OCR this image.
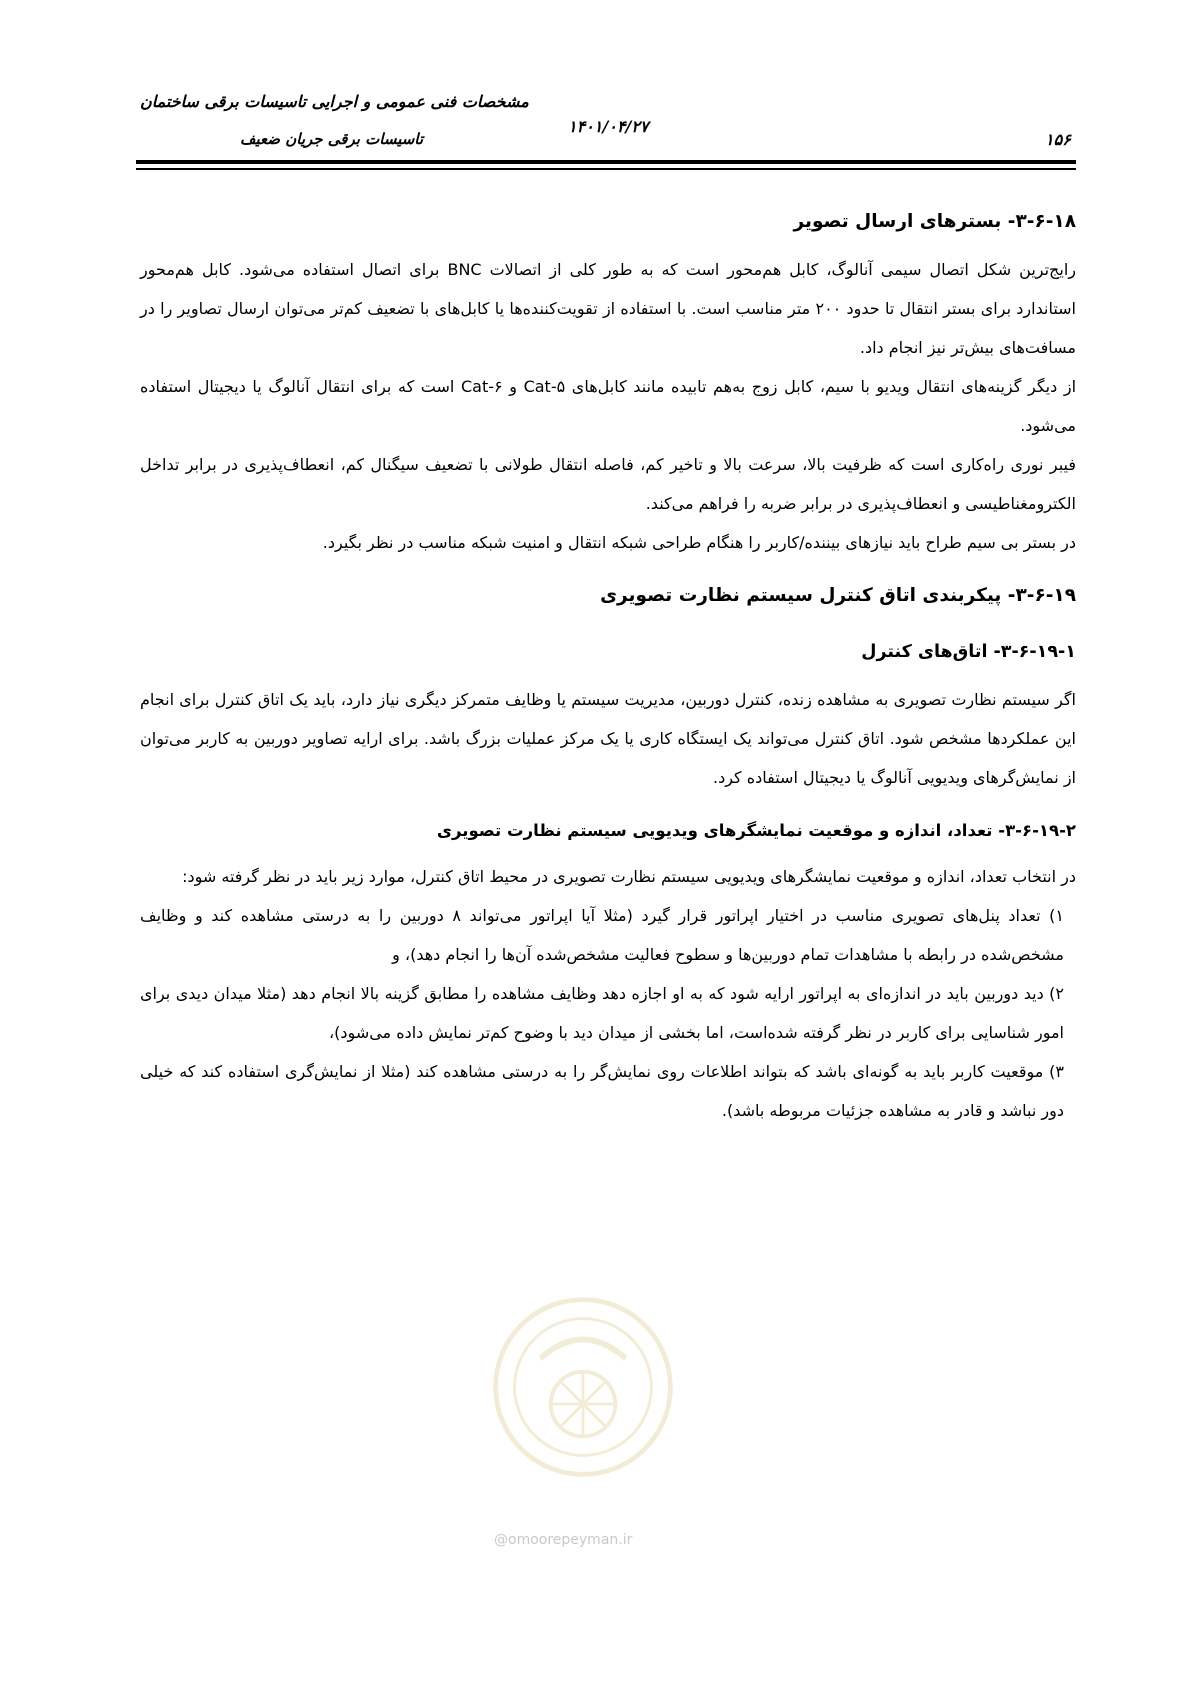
مشخصات فنی عمومی و اجرایی تاسیسات برقی ساختمان
تاسیسات برقی جریان ضعیف
۱۴۰۱/۰۴/۲۷
۱۵۶
۳-۶-۱۸- بسترهای ارسال تصویر

رایج‌ترین شکل اتصال سیمی آنالوگ، کابل هم‌محور است که به طور کلی از اتصالات BNC برای اتصال استفاده می‌شود. کابل هم‌محور استاندارد برای بستر انتقال تا حدود ۲۰۰ متر مناسب است. با استفاده از تقویت‌کننده‌ها یا کابل‌های با تضعیف کم‌تر می‌توان ارسال تصاویر را در مسافت‌های بیش‌تر نیز انجام داد.

از دیگر گزینه‌های انتقال ویدیو با سیم، کابل زوج به‌هم تابیده مانند کابل‌های Cat-۵ و Cat-۶ است که برای انتقال آنالوگ یا دیجیتال استفاده می‌شود.

فیبر نوری راه‌کاری است که ظرفیت بالا، سرعت بالا و تاخیر کم، فاصله انتقال طولانی با تضعیف سیگنال کم، انعطاف‌پذیری در برابر تداخل الکترومغناطیسی و انعطاف‌پذیری در برابر ضربه را فراهم می‌کند.

در بستر بی سیم طراح باید نیازهای بیننده/کاربر را هنگام طراحی شبکه انتقال و امنیت شبکه مناسب در نظر بگیرد.

۳-۶-۱۹- پیکربندی اتاق کنترل سیستم نظارت تصویری
۳-۶-۱۹-۱- اتاق‌های کنترل

اگر سیستم نظارت تصویری به مشاهده زنده، کنترل دوربین، مدیریت سیستم یا وظایف متمرکز دیگری نیاز دارد، باید یک اتاق کنترل برای انجام این عملکردها مشخص شود. اتاق کنترل می‌تواند یک ایستگاه کاری یا یک مرکز عملیات بزرگ باشد. برای ارایه تصاویر دوربین به کاربر می‌توان از نمایش‌گرهای ویدیویی آنالوگ یا دیجیتال استفاده کرد.

۳-۶-۱۹-۲- تعداد، اندازه و موقعیت نمایشگرهای ویدیویی سیستم نظارت تصویری

در انتخاب تعداد، اندازه و موقعیت نمایشگرهای ویدیویی سیستم نظارت تصویری در محیط اتاق کنترل، موارد زیر باید در نظر گرفته شود:

۱) تعداد پنل‌های تصویری مناسب در اختیار اپراتور قرار گیرد (مثلا آیا اپراتور می‌تواند ۸ دوربین را به درستی مشاهده کند و وظایف مشخص‌شده در رابطه با مشاهدات تمام دوربین‌ها و سطوح فعالیت مشخص‌شده آن‌ها را انجام دهد)، و

۲) دید دوربین باید در اندازه‌ای به اپراتور ارایه شود که به او اجازه دهد وظایف مشاهده را مطابق گزینه بالا انجام دهد (مثلا میدان دیدی برای امور شناسایی برای کاربر در نظر گرفته شده‌است، اما بخشی از میدان دید با وضوح کم‌تر نمایش داده می‌شود)،

۳) موقعیت کاربر باید به گونه‌ای باشد که بتواند اطلاعات روی نمایش‌گر را به درستی مشاهده کند (مثلا از نمایش‌گری استفاده کند که خیلی دور نباشد و قادر به مشاهده جزئیات مربوطه باشد).

@omoorepeyman.ir
